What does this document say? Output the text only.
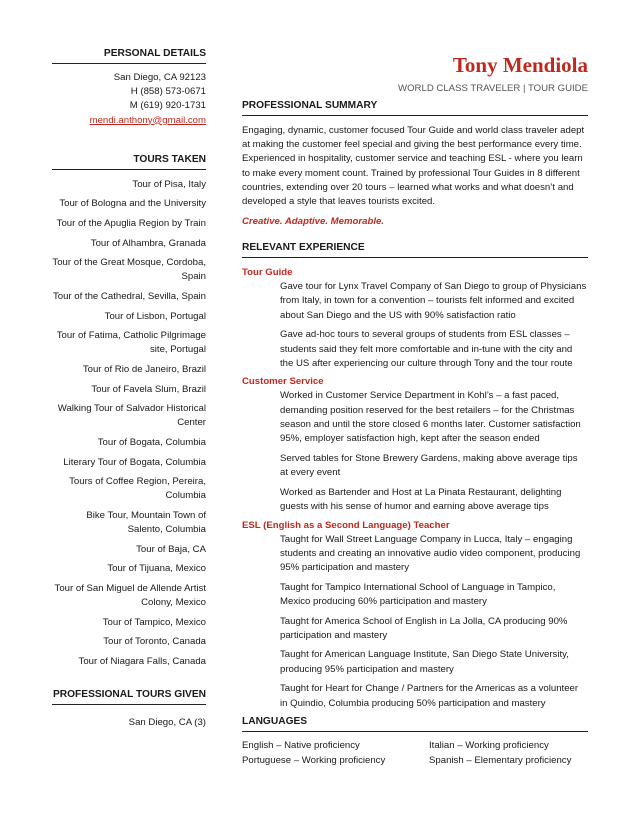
PERSONAL DETAILS
San Diego, CA 92123
H (858) 573-0671
M (619) 920-1731
mendi.anthony@gmail.com
TOURS TAKEN
Tour of Pisa, Italy
Tour of Bologna and the University
Tour of the Apuglia Region by Train
Tour of Alhambra, Granada
Tour of the Great Mosque, Cordoba, Spain
Tour of the Cathedral, Sevilla, Spain
Tour of Lisbon, Portugal
Tour of Fatima, Catholic Pilgrimage site, Portugal
Tour of Rio de Janeiro, Brazil
Tour of Favela Slum, Brazil
Walking Tour of Salvador Historical Center
Tour of Bogata, Columbia
Literary Tour of Bogata, Columbia
Tours of Coffee Region, Pereira, Columbia
Bike Tour, Mountain Town of Salento, Columbia
Tour of Baja, CA
Tour of Tijuana, Mexico
Tour of San Miguel de Allende Artist Colony, Mexico
Tour of Tampico, Mexico
Tour of Toronto, Canada
Tour of Niagara Falls, Canada
PROFESSIONAL TOURS GIVEN
San Diego, CA (3)
Tony Mendiola
WORLD CLASS TRAVELER | TOUR GUIDE
PROFESSIONAL SUMMARY
Engaging, dynamic, customer focused Tour Guide and world class traveler adept at making the customer feel special and giving the best performance every time. Experienced in hospitality, customer service and teaching ESL - where you learn to make every moment count. Trained by professional Tour Guides in 8 different countries, extending over 20 tours – learned what works and what doesn’t and developed a style that leaves tourists excited.
Creative. Adaptive. Memorable.
RELEVANT EXPERIENCE
Tour Guide
Gave tour for Lynx Travel Company of San Diego to group of Physicians from Italy, in town for a convention – tourists felt informed and excited about San Diego and the US with 90% satisfaction ratio
Gave ad-hoc tours to several groups of students from ESL classes – students said they felt more comfortable and in-tune with the city and the US after experiencing our culture through Tony and the tour route
Customer Service
Worked in Customer Service Department in Kohl’s – a fast paced, demanding position reserved for the best retailers – for the Christmas season and until the store closed 6 months later. Customer satisfaction 95%, employer satisfaction high, kept after the season ended
Served tables for Stone Brewery Gardens, making above average tips at every event
Worked as Bartender and Host at La Pinata Restaurant, delighting guests with his sense of humor and earning above average tips
ESL (English as a Second Language) Teacher
Taught for Wall Street Language Company in Lucca, Italy – engaging students and creating an innovative audio video component, producing 95% participation and mastery
Taught for Tampico International School of Language in Tampico, Mexico producing 60% participation and mastery
Taught for America School of English in La Jolla, CA producing 90% participation and mastery
Taught for American Language Institute, San Diego State University, producing 95% participation and mastery
Taught for Heart for Change / Partners for the Americas as a volunteer in Quindio, Columbia producing 50% participation and mastery
LANGUAGES
English – Native proficiency	Italian – Working proficiency
Portuguese – Working proficiency	Spanish – Elementary proficiency
